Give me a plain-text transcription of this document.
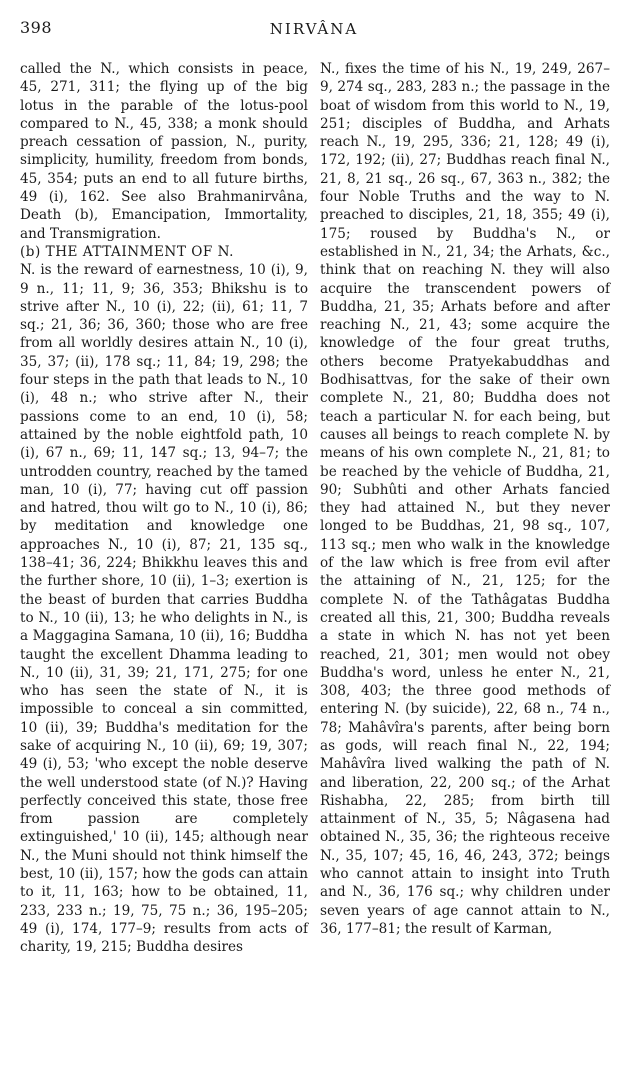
398	NIRVÂNA

called the N., which consists in peace, 45, 271, 311; the flying up of the big lotus in the parable of the lotus-pool compared to N., 45, 338; a monk should preach cessation of passion, N., purity, simplicity, humility, freedom from bonds, 45, 354; puts an end to all future births, 49 (i), 162. See also Brahmanirvâna, Death (b), Emancipation, Immortality, and Transmigration.

(b) THE ATTAINMENT OF N.

N. is the reward of earnestness, 10 (i), 9, 9 n., 11; 11, 9; 36, 353; Bhikshu is to strive after N., 10 (i), 22; (ii), 61; 11, 7 sq.; 21, 36; 36, 360; those who are free from all worldly desires attain N., 10 (i), 35, 37; (ii), 178 sq.; 11, 84; 19, 298; the four steps in the path that leads to N., 10 (i), 48 n.; who strive after N., their passions come to an end, 10 (i), 58; attained by the noble eightfold path, 10 (i), 67 n., 69; 11, 147 sq.; 13, 94–7; the untrodden country, reached by the tamed man, 10 (i), 77; having cut off passion and hatred, thou wilt go to N., 10 (i), 86; by meditation and knowledge one approaches N., 10 (i), 87; 21, 135 sq., 138–41; 36, 224; Bhikkhu leaves this and the further shore, 10 (ii), 1–3; exertion is the beast of burden that carries Buddha to N., 10 (ii), 13; he who delights in N., is a Maggagina Samana, 10 (ii), 16; Buddha taught the excellent Dhamma leading to N., 10 (ii), 31, 39; 21, 171, 275; for one who has seen the state of N., it is impossible to conceal a sin committed, 10 (ii), 39; Buddha's meditation for the sake of acquiring N., 10 (ii), 69; 19, 307; 49 (i), 53; 'who except the noble deserve the well understood state (of N.)? Having perfectly conceived this state, those free from passion are completely extinguished,' 10 (ii), 145; although near N., the Muni should not think himself the best, 10 (ii), 157; how the gods can attain to it, 11, 163; how to be obtained, 11, 233, 233 n.; 19, 75, 75 n.; 36, 195–205; 49 (i), 174, 177–9; results from acts of charity, 19, 215; Buddha desires

N., fixes the time of his N., 19, 249, 267–9, 274 sq., 283, 283 n.; the passage in the boat of wisdom from this world to N., 19, 251; disciples of Buddha, and Arhats reach N., 19, 295, 336; 21, 128; 49 (i), 172, 192; (ii), 27; Buddhas reach final N., 21, 8, 21 sq., 26 sq., 67, 363 n., 382; the four Noble Truths and the way to N. preached to disciples, 21, 18, 355; 49 (i), 175; roused by Buddha's N., or established in N., 21, 34; the Arhats, &c., think that on reaching N. they will also acquire the transcendent powers of Buddha, 21, 35; Arhats before and after reaching N., 21, 43; some acquire the knowledge of the four great truths, others become Pratyekabuddhas and Bodhisattvas, for the sake of their own complete N., 21, 80; Buddha does not teach a particular N. for each being, but causes all beings to reach complete N. by means of his own complete N., 21, 81; to be reached by the vehicle of Buddha, 21, 90; Subhûti and other Arhats fancied they had attained N., but they never longed to be Buddhas, 21, 98 sq., 107, 113 sq.; men who walk in the knowledge of the law which is free from evil after the attaining of N., 21, 125; for the complete N. of the Tathâgatas Buddha created all this, 21, 300; Buddha reveals a state in which N. has not yet been reached, 21, 301; men would not obey Buddha's word, unless he enter N., 21, 308, 403; the three good methods of entering N. (by suicide), 22, 68 n., 74 n., 78; Mahâvîra's parents, after being born as gods, will reach final N., 22, 194; Mahâvîra lived walking the path of N. and liberation, 22, 200 sq.; of the Arhat Rishabha, 22, 285; from birth till attainment of N., 35, 5; Nâgasena had obtained N., 35, 36; the righteous receive N., 35, 107; 45, 16, 46, 243, 372; beings who cannot attain to insight into Truth and N., 36, 176 sq.; why children under seven years of age cannot attain to N., 36, 177–81; the result of Karman,
